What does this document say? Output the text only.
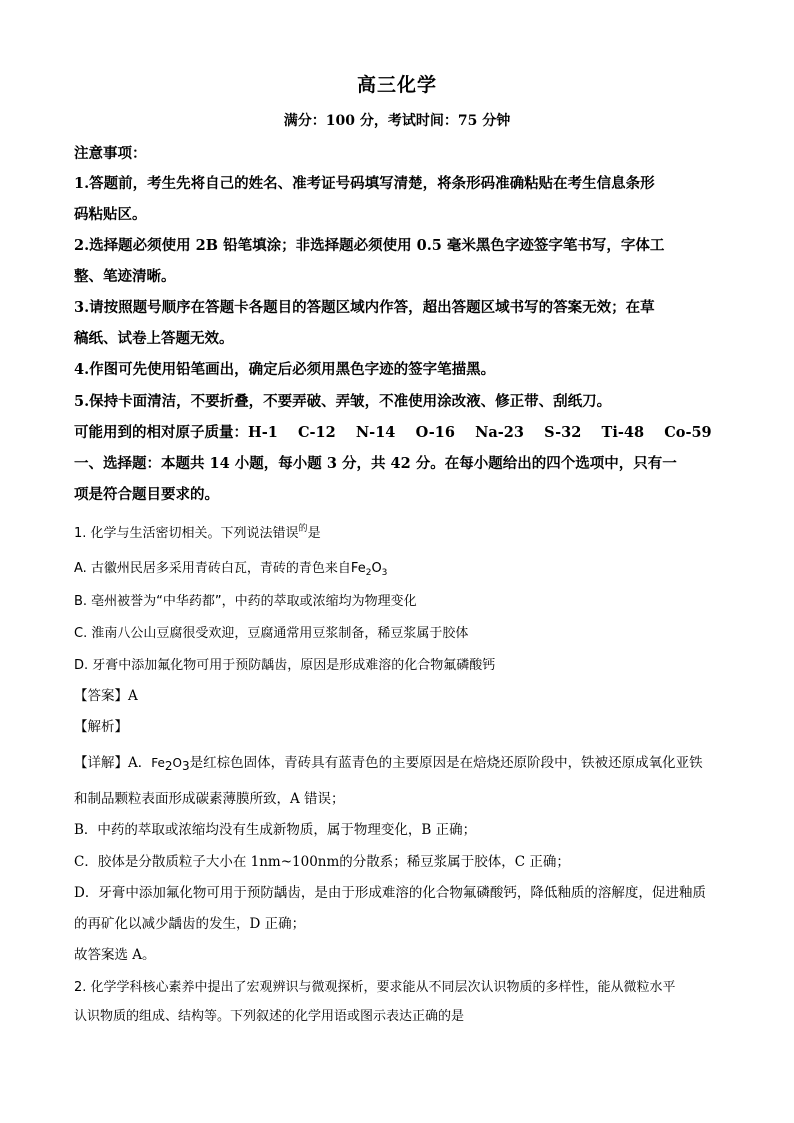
高三化学
满分：100 分，考试时间：75 分钟
注意事项：
1.答题前，考生先将自己的姓名、准考证号码填写清楚，将条形码准确粘贴在考生信息条形
码粘贴区。
2.选择题必须使用 2B 铅笔填涂；非选择题必须使用 0.5 毫米黑色字迹签字笔书写，字体工
整、笔迹清晰。
3.请按照题号顺序在答题卡各题目的答题区域内作答，超出答题区域书写的答案无效；在草
稿纸、试卷上答题无效。
4.作图可先使用铅笔画出，确定后必须用黑色字迹的签字笔描黑。
5.保持卡面清洁，不要折叠，不要弄破、弄皱，不准使用涂改液、修正带、刮纸刀。
可能用到的相对原子质量：H-1    C-12    N-14    O-16    Na-23    S-32    Ti-48    Co-59
一、选择题：本题共 14 小题，每小题 3 分，共 42 分。在每小题给出的四个选项中，只有一
项是符合题目要求的。
1. 化学与生活密切相关。下列说法错误$^的$是
A. 古徽州民居多采用青砖白瓦，青砖的青色来自$Fe_2O_3$
B. 亳州被誉为“中华药都”，中药的萃取或浓缩均为物理变化
C. 淮南八公山豆腐很受欢迎，豆腐通常用豆浆制备，稀豆浆属于胶体
D. 牙膏中添加氟化物可用于预防龋齿，原因是形成难溶的化合物氟磷酸钙
【答案】A
【解析】
【详解】A．$Fe_2O_3$是红棕色固体，青砖具有蓝青色的主要原因是在焙烧还原阶段中，铁被还原成氧化亚铁
和制品颗粒表面形成碳素薄膜所致，A 错误；
B．中药的萃取或浓缩均没有生成新物质，属于物理变化，B 正确；
C．胶体是分散质粒子大小在 1nm~100nm的分散系；稀豆浆属于胶体，C 正确；
D．牙膏中添加氟化物可用于预防龋齿，是由于形成难溶的化合物氟磷酸钙，降低釉质的溶解度，促进釉质
的再矿化以减少龋齿的发生，D 正确；
故答案选 A。
2. 化学学科核心素养中提出了宏观辨识与微观探析，要求能从不同层次认识物质的多样性，能从微粒水平
认识物质的组成、结构等。下列叙述的化学用语或图示表达正确的是
